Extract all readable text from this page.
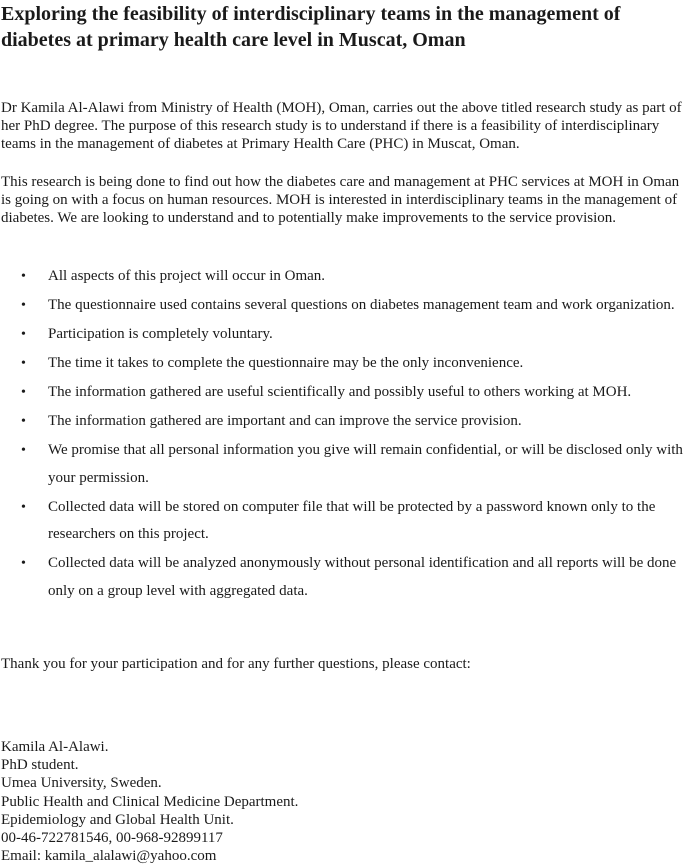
Exploring the feasibility of interdisciplinary teams in the management of diabetes at primary health care level in Muscat, Oman

Dr Kamila Al-Alawi from Ministry of Health (MOH), Oman, carries out the above titled research study as part of her PhD degree. The purpose of this research study is to understand if there is a feasibility of interdisciplinary teams in the management of diabetes at Primary Health Care (PHC) in Muscat, Oman.

This research is being done to find out how the diabetes care and management at PHC services at MOH in Oman is going on with a focus on human resources. MOH is interested in interdisciplinary teams in the management of diabetes. We are looking to understand and to potentially make improvements to the service provision.

• All aspects of this project will occur in Oman.
• The questionnaire used contains several questions on diabetes management team and work organization.
• Participation is completely voluntary.
• The time it takes to complete the questionnaire may be the only inconvenience.
• The information gathered are useful scientifically and possibly useful to others working at MOH.
• The information gathered are important and can improve the service provision.
• We promise that all personal information you give will remain confidential, or will be disclosed only with your permission.
• Collected data will be stored on computer file that will be protected by a password known only to the researchers on this project.
• Collected data will be analyzed anonymously without personal identification and all reports will be done only on a group level with aggregated data.

Thank you for your participation and for any further questions, please contact:

Kamila Al-Alawi.
PhD student.
Umea University, Sweden.
Public Health and Clinical Medicine Department.
Epidemiology and Global Health Unit.
00-46-722781546, 00-968-92899117
Email: kamila_alalawi@yahoo.com
